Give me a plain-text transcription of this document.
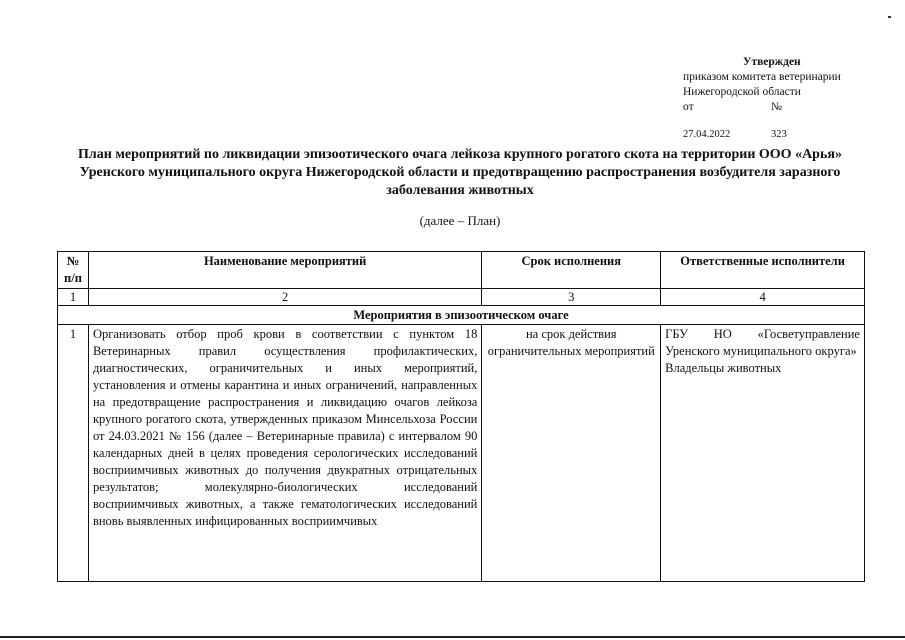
Утвержден
приказом комитета ветеринарии
Нижегородской области
от	№
27.04.2022	323
План мероприятий по ликвидации эпизоотического очага лейкоза крупного рогатого скота на территории ООО «Арья» Уренского муниципального округа Нижегородской области и предотвращению распространения возбудителя заразного заболевания животных
(далее – План)
№ п/п	Наименование мероприятий	Срок исполнения	Ответственные исполнители
1	2	3	4
Мероприятия в эпизоотическом очаге			
1	Организовать отбор проб крови в соответствии с пунктом 18 Ветеринарных правил осуществления профилактических, диагностических, ограничительных и иных мероприятий, установления и отмены карантина и иных ограничений, направленных на предотвращение распространения и ликвидацию очагов лейкоза крупного рогатого скота, утвержденных приказом Минсельхоза России от 24.03.2021 № 156 (далее – Ветеринарные правила) с интервалом 90 календарных дней в целях проведения серологических исследований восприимчивых животных до получения двукратных отрицательных результатов; молекулярно-биологических исследований восприимчивых животных, а также гематологических исследований вновь выявленных инфицированных восприимчивых	на срок действия ограничительных мероприятий	ГБУ НО «Госветуправление Уренского муниципального округа»
Владельцы животных
